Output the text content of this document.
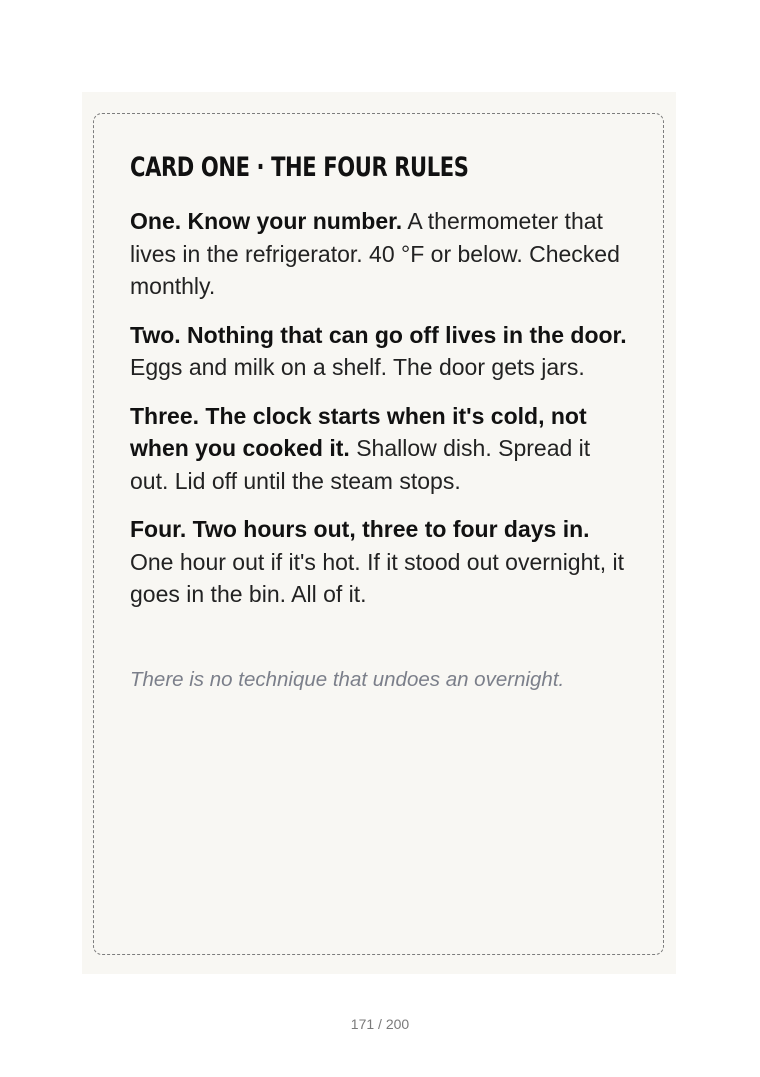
CARD ONE · THE FOUR RULES

One. Know your number. A thermometer that lives in the refrigerator. 40 °F or below. Checked monthly.

Two. Nothing that can go off lives in the door. Eggs and milk on a shelf. The door gets jars.

Three. The clock starts when it's cold, not when you cooked it. Shallow dish. Spread it out. Lid off until the steam stops.

Four. Two hours out, three to four days in. One hour out if it's hot. If it stood out overnight, it goes in the bin. All of it.

There is no technique that undoes an overnight.

171 / 200
